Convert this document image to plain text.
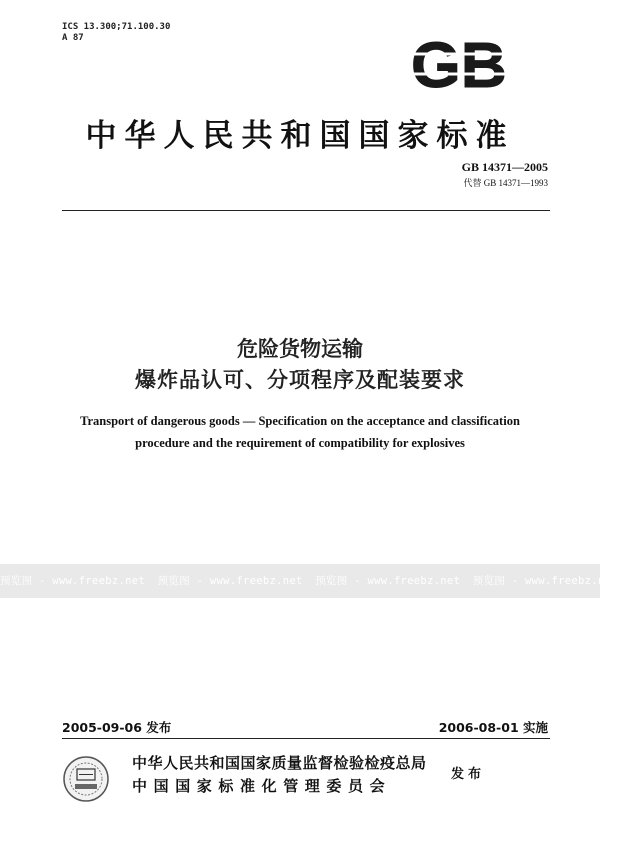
ICS 13.300;71.100.30
A 87	GB
中华人民共和国国家标准
GB 14371—2005
代替 GB 14371—1993
危险货物运输
爆炸品认可、分项程序及配装要求
Transport of dangerous goods — Specification on the acceptance and classification
procedure and the requirement of compatibility for explosives
预览图 - www.freebz.net 预览图 - www.freebz.net 预览图 - www.freebz.net 预览图 - www.freebz.net
2005-09-06 发布	2006-08-01 实施
中华人民共和国国家质量监督检验检疫总局
中国国家标准化管理委员会
发布
